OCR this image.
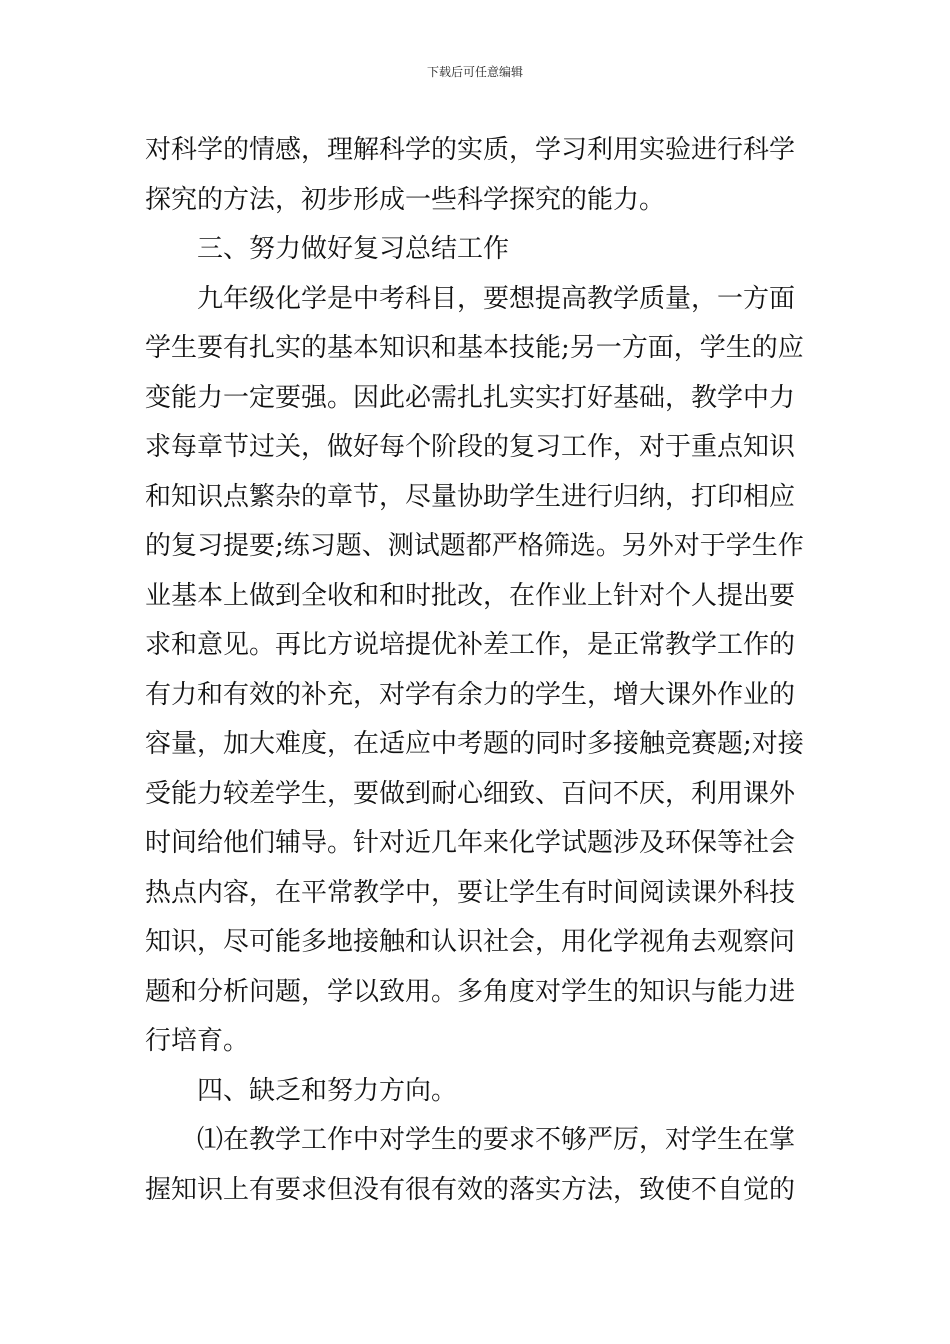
下载后可任意编辑
对科学的情感，理解科学的实质，学习利用实验进行科学
探究的方法，初步形成一些科学探究的能力。
三、努力做好复习总结工作
九年级化学是中考科目，要想提高教学质量，一方面
学生要有扎实的基本知识和基本技能;另一方面，学生的应
变能力一定要强。因此必需扎扎实实打好基础，教学中力
求每章节过关，做好每个阶段的复习工作，对于重点知识
和知识点繁杂的章节，尽量协助学生进行归纳，打印相应
的复习提要;练习题、测试题都严格筛选。另外对于学生作
业基本上做到全收和和时批改，在作业上针对个人提出要
求和意见。再比方说培提优补差工作，是正常教学工作的
有力和有效的补充，对学有余力的学生，增大课外作业的
容量，加大难度，在适应中考题的同时多接触竞赛题;对接
受能力较差学生，要做到耐心细致、百问不厌，利用课外
时间给他们辅导。针对近几年来化学试题涉及环保等社会
热点内容，在平常教学中，要让学生有时间阅读课外科技
知识，尽可能多地接触和认识社会，用化学视角去观察问
题和分析问题，学以致用。多角度对学生的知识与能力进
行培育。
四、缺乏和努力方向。
⑴在教学工作中对学生的要求不够严厉，对学生在掌
握知识上有要求但没有很有效的落实方法，致使不自觉的
